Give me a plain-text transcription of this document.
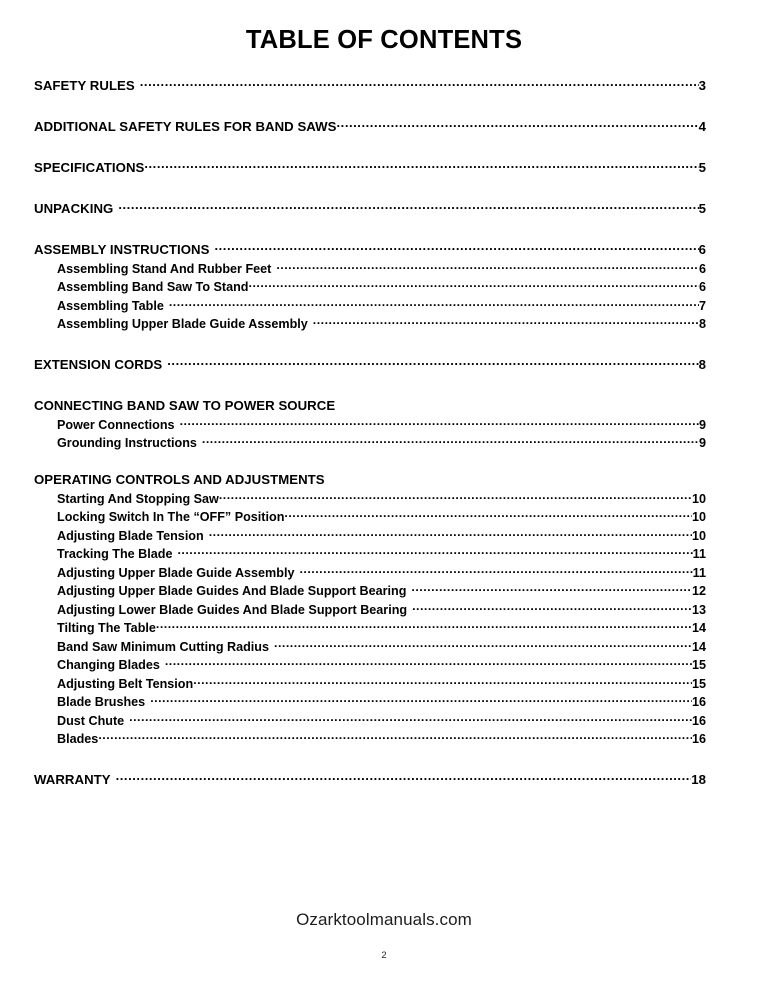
TABLE OF CONTENTS
SAFETY RULES .....	3
ADDITIONAL SAFETY RULES FOR BAND SAWS .....	4
SPECIFICATIONS .....	5
UNPACKING .....	5
ASSEMBLY INSTRUCTIONS .....	6
Assembling Stand And Rubber Feet .....	6
Assembling Band Saw To Stand .....	6
Assembling Table .....	7
Assembling Upper Blade Guide Assembly .....	8
EXTENSION CORDS .....	8
CONNECTING BAND SAW TO POWER SOURCE
Power Connections .....	9
Grounding Instructions .....	9
OPERATING CONTROLS AND ADJUSTMENTS
Starting And Stopping Saw .....	10
Locking Switch In The “OFF” Position .....	10
Adjusting Blade Tension .....	10
Tracking The Blade .....	11
Adjusting Upper Blade Guide Assembly .....	11
Adjusting Upper Blade Guides And Blade Support Bearing .....	12
Adjusting Lower Blade Guides And Blade Support Bearing .....	13
Tilting The Table .....	14
Band Saw Minimum Cutting Radius .....	14
Changing Blades .....	15
Adjusting Belt Tension .....	15
Blade Brushes .....	16
Dust Chute .....	16
Blades .....	16
WARRANTY .....	18
Ozarktoolmanuals.com
2
